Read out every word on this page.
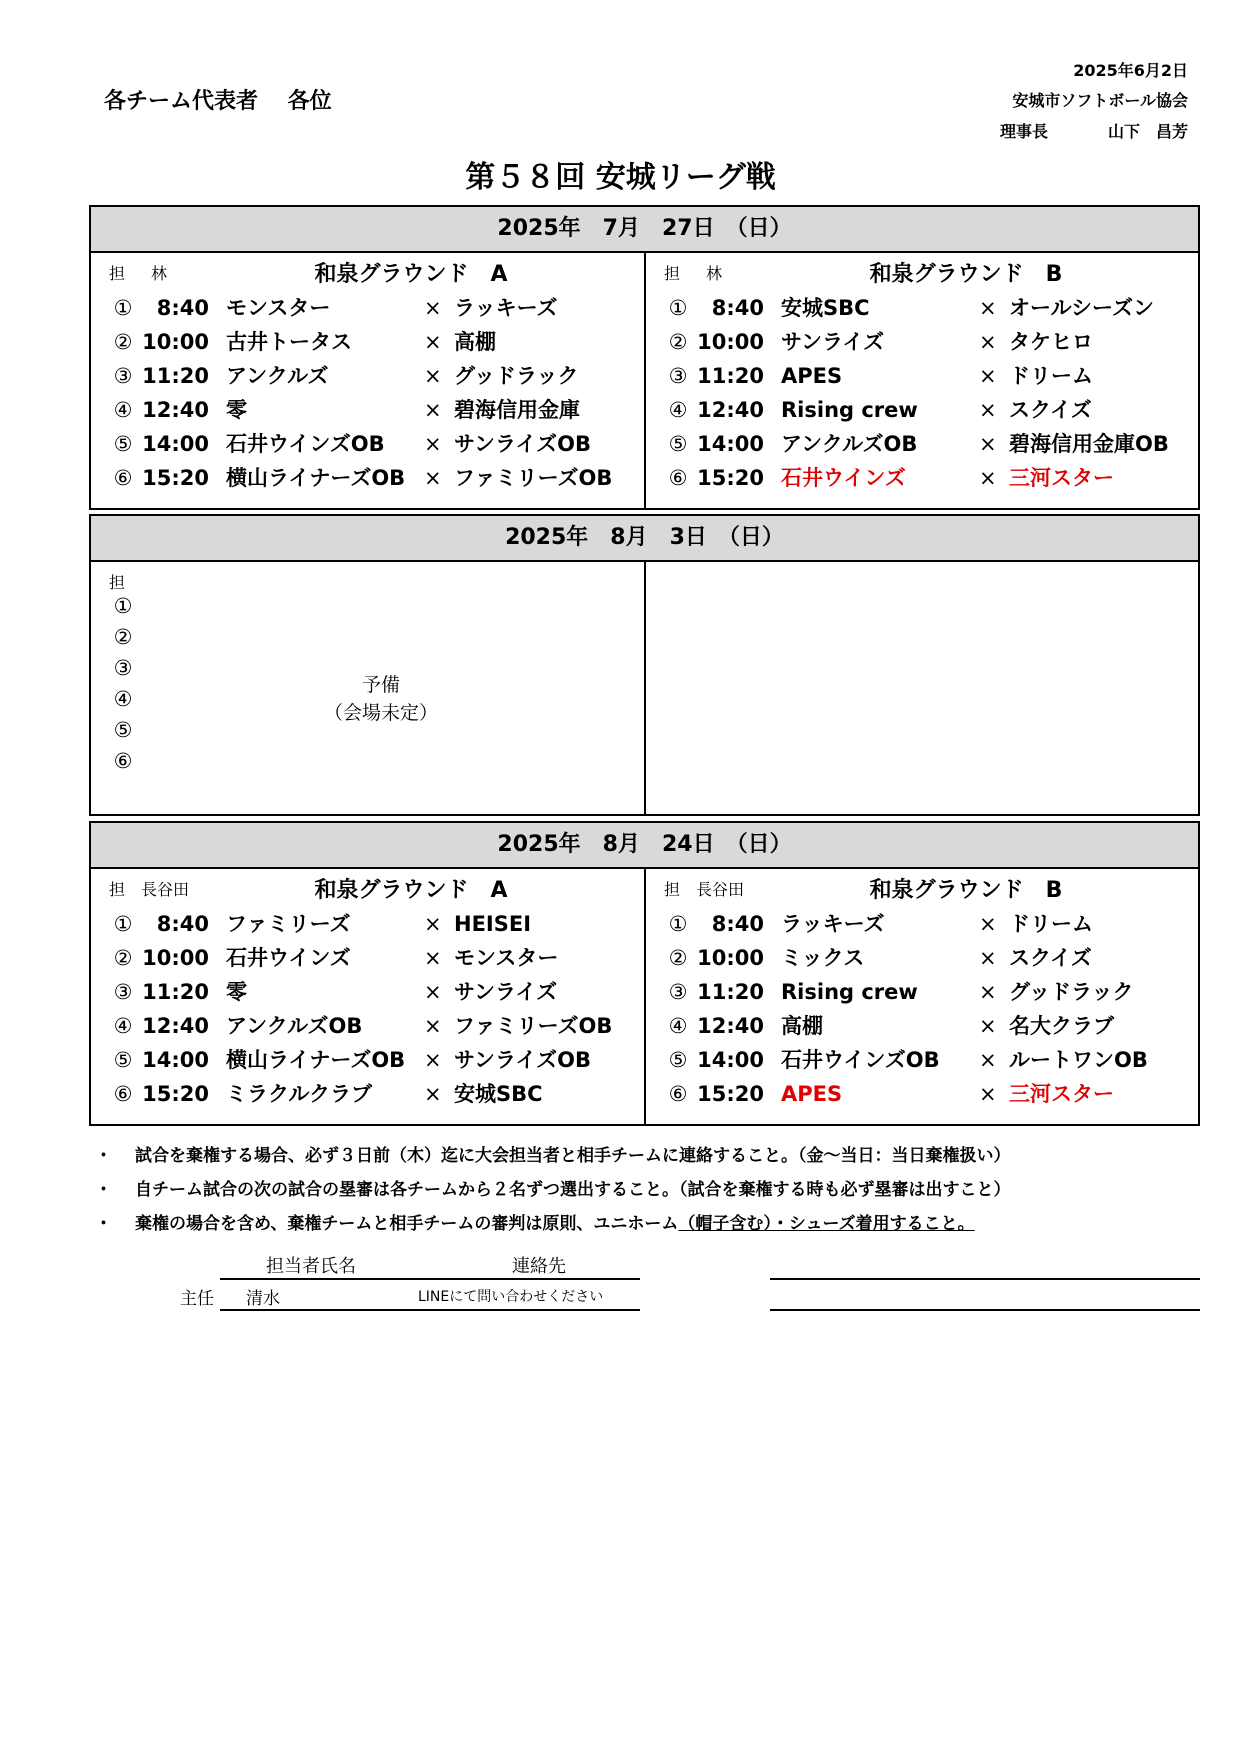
各チーム代表者　 各位
2025年6月2日
安城市ソフトボール協会
理事長	山下　昌芳
第５８回 安城リーグ戦
2025年　7月　27日　（日）
担 林	和泉グラウンド　A
①	8:40 モンスター	× ラッキーズ
② 10:00 古井トータス	× 高棚
③ 11:20 アンクルズ	× グッドラック
④ 12:40 零	× 碧海信用金庫
⑤ 14:00 石井ウインズOB	× サンライズOB
⑥ 15:20 横山ライナーズOB × ファミリーズOB
担 林	和泉グラウンド　B
①	8:40 安城SBC	× オールシーズン
② 10:00 サンライズ	× タケヒロ
③ 11:20 APES	× ドリーム
④ 12:40 Rising crew	× スクイズ
⑤ 14:00 アンクルズOB	× 碧海信用金庫OB
⑥ 15:20 石井ウインズ	× 三河スター
2025年　8月　3日　（日）
担
①
②
③
④
⑤
⑥
予備
（会場未定）
2025年　8月　24日　（日）
担 長谷田	和泉グラウンド　A
①	8:40 ファミリーズ	× HEISEI
② 10:00 石井ウインズ	× モンスター
③ 11:20 零	× サンライズ
④ 12:40 アンクルズOB	× ファミリーズOB
⑤ 14:00 横山ライナーズOB × サンライズOB
⑥ 15:20 ミラクルクラブ	× 安城SBC
担 長谷田	和泉グラウンド　B
①	8:40 ラッキーズ	× ドリーム
② 10:00 ミックス	× スクイズ
③ 11:20 Rising crew	× グッドラック
④ 12:40 高棚	× 名大クラブ
⑤ 14:00 石井ウインズOB	× ルートワンOB
⑥ 15:20 APES	× 三河スター
・ 試合を棄権する場合、必ず３日前（木）迄に大会担当者と相手チームに連絡すること。（金～当日：当日棄権扱い）
・ 自チーム試合の次の試合の塁審は各チームから２名ずつ選出すること。（試合を棄権する時も必ず塁審は出すこと）
・ 棄権の場合を含め、棄権チームと相手チームの審判は原則、ユニホーム（帽子含む）・シューズ着用すること。
担当者氏名	連絡先
主任 清水	LINEにて問い合わせください
